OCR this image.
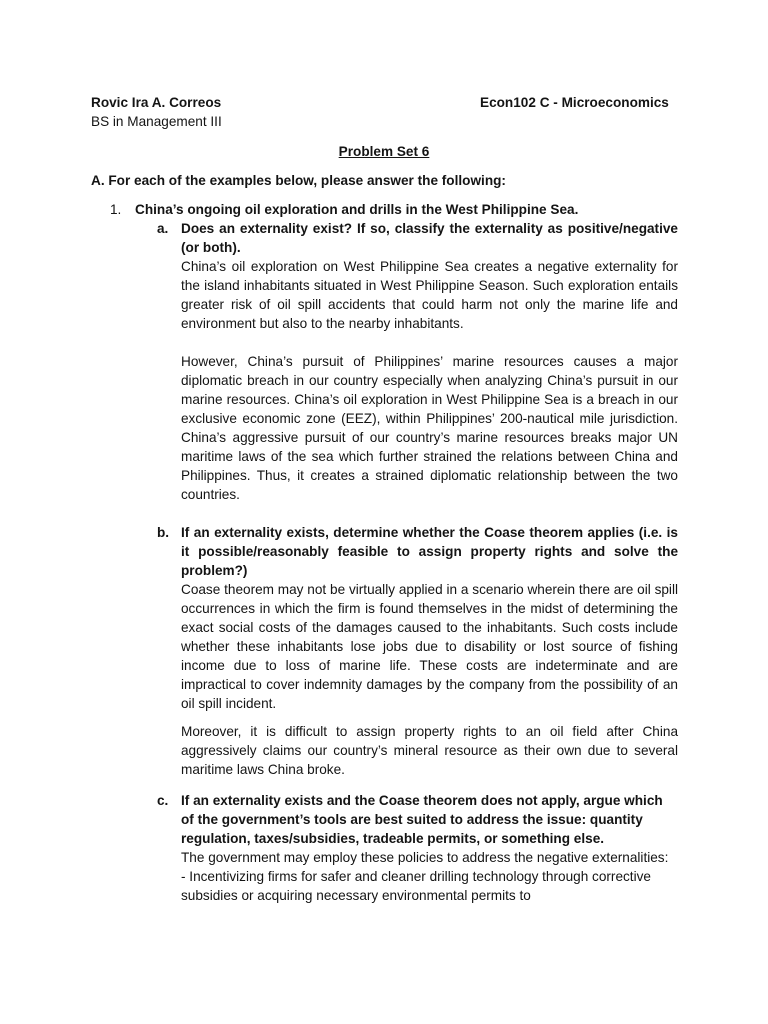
Rovic Ira A. Correos	Econ102 C - Microeconomics
BS in Management III
Problem Set 6
A. For each of the examples below, please answer the following:
1. China’s ongoing oil exploration and drills in the West Philippine Sea.
a. Does an externality exist? If so, classify the externality as positive/negative (or both).

China’s oil exploration on West Philippine Sea creates a negative externality for the island inhabitants situated in West Philippine Season. Such exploration entails greater risk of oil spill accidents that could harm not only the marine life and environment but also to the nearby inhabitants.

However, China’s pursuit of Philippines’ marine resources causes a major diplomatic breach in our country especially when analyzing China’s pursuit in our marine resources. China’s oil exploration in West Philippine Sea is a breach in our exclusive economic zone (EEZ), within Philippines’ 200-nautical mile jurisdiction. China’s aggressive pursuit of our country’s marine resources breaks major UN maritime laws of the sea which further strained the relations between China and Philippines. Thus, it creates a strained diplomatic relationship between the two countries.

b. If an externality exists, determine whether the Coase theorem applies (i.e. is it possible/reasonably feasible to assign property rights and solve the problem?)

Coase theorem may not be virtually applied in a scenario wherein there are oil spill occurrences in which the firm is found themselves in the midst of determining the exact social costs of the damages caused to the inhabitants. Such costs include whether these inhabitants lose jobs due to disability or lost source of fishing income due to loss of marine life. These costs are indeterminate and are impractical to cover indemnity damages by the company from the possibility of an oil spill incident.

Moreover, it is difficult to assign property rights to an oil field after China aggressively claims our country’s mineral resource as their own due to several maritime laws China broke.

c. If an externality exists and the Coase theorem does not apply, argue which of the government’s tools are best suited to address the issue: quantity regulation, taxes/subsidies, tradeable permits, or something else.

The government may employ these policies to address the negative externalities:

- Incentivizing firms for safer and cleaner drilling technology through corrective subsidies or acquiring necessary environmental permits to
